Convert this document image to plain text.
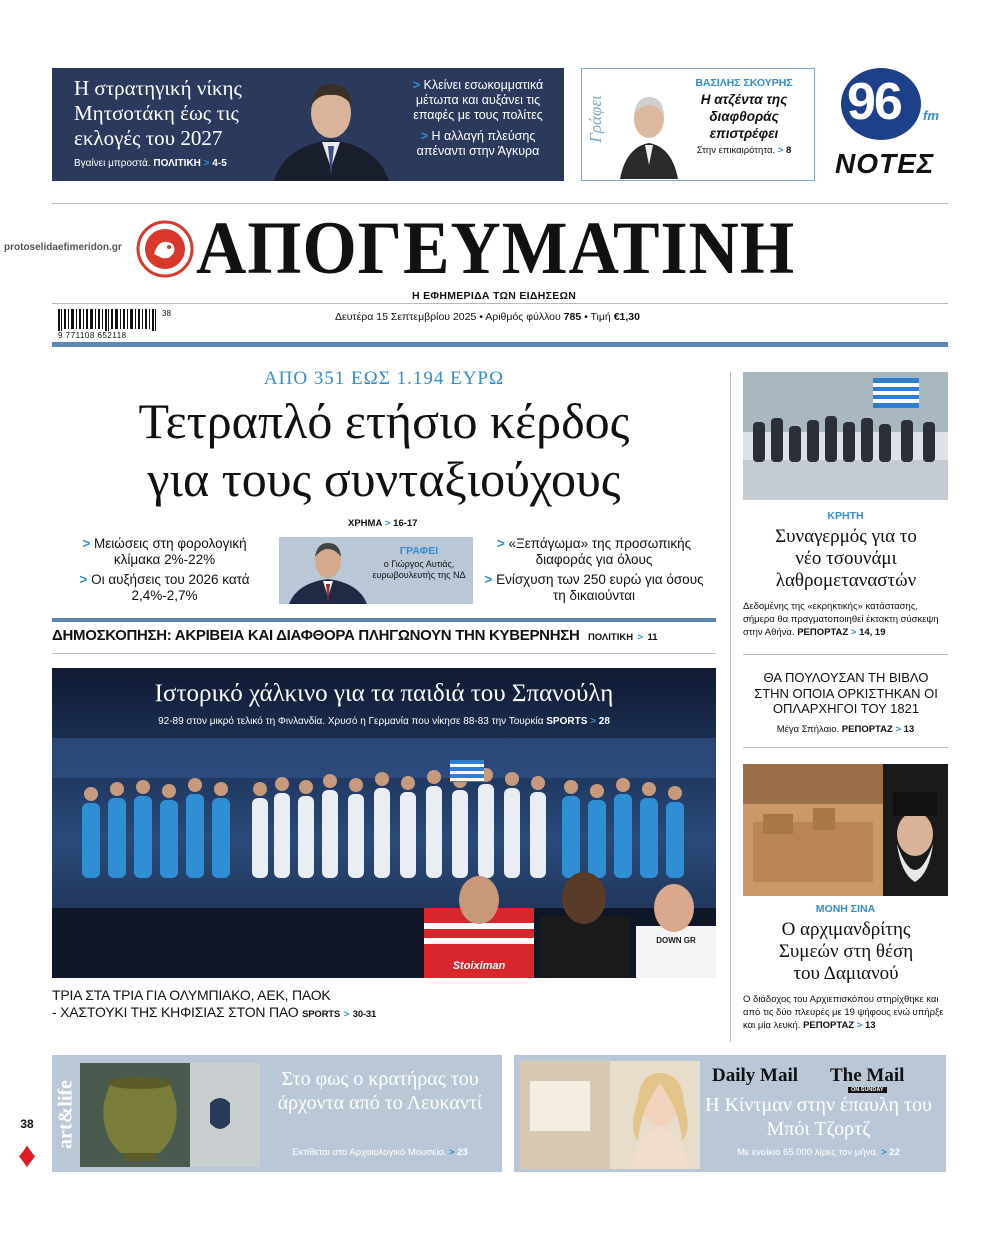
Η στρατηγική νίκης Μητσοτάκη έως τις εκλογές του 2027
Βγαίνει μπροστά. ΠΟΛΙΤΙΚΗ > 4-5
> Κλείνει εσωκομματικά μέτωπα και αυξάνει τις επαφές με τους πολίτες
> Η αλλαγή πλεύσης απέναντι στην Άγκυρα
Γράφει
ΒΑΣΙΛΗΣ ΣΚΟΥΡΗΣ
Η ατζέντα της διαφθοράς επιστρέφει
Στην επικαιρότητα. > 8
96 fm
ΝΟΤΕΣ
protoselidaefimeridon.gr ΑΠΟΓΕΥΜΑΤΙΝΗ
Η ΕΦΗΜΕΡΙΔΑ ΤΩΝ ΕΙΔΗΣΕΩΝ
38
9 771108 652118
Δευτέρα 15 Σεπτεμβρίου 2025 • Αριθμός φύλλου 785 • Τιμή €1,30
ΑΠΟ 351 ΕΩΣ 1.194 ΕΥΡΩ
Τετραπλό ετήσιο κέρδος
για τους συνταξιούχους
ΧΡΗΜΑ > 16-17
> Μειώσεις στη φορολογική κλίμακα 2%-22%
> Οι αυξήσεις του 2026 κατά 2,4%-2,7%
ΓΡΑΦΕΙ
ο Γιώργος Αυτιάς, ευρωβουλευτής της ΝΔ
> «Ξεπάγωμα» της προσωπικής διαφοράς για όλους
> Ενίσχυση των 250 ευρώ για όσους τη δικαιούνται
ΔΗΜΟΣΚΟΠΗΣΗ: ΑΚΡΙΒΕΙΑ ΚΑΙ ΔΙΑΦΘΟΡΑ ΠΛΗΓΩΝΟΥΝ ΤΗΝ ΚΥΒΕΡΝΗΣΗ ΠΟΛΙΤΙΚΗ > 11
Stoiximan
DOWN GR
Ιστορικό χάλκινο για τα παιδιά του Σπανούλη
92-89 στον μικρό τελικό τη Φινλανδία. Χρυσό η Γερμανία που νίκησε 88-83 την Τουρκία SPORTS > 28
ΤΡΙΑ ΣΤΑ ΤΡΙΑ ΓΙΑ ΟΛΥΜΠΙΑΚΟ, ΑΕΚ, ΠΑΟΚ
- ΧΑΣΤΟΥΚΙ ΤΗΣ ΚΗΦΙΣΙΑΣ ΣΤΟΝ ΠΑΟ SPORTS > 30-31
ΚΡΗΤΗ
Συναγερμός για το νέο τσουνάμι λαθρομεταναστών
Δεδομένης της «εκρηκτικής» κατάστασης, σήμερα θα πραγματοποιηθεί έκτακτη σύσκεψη στην Αθήνα. ΡΕΠΟΡΤΑΖ > 14, 19
ΘΑ ΠΟΥΛΟΥΣΑΝ ΤΗ ΒΙΒΛΟ ΣΤΗΝ ΟΠΟΙΑ ΟΡΚΙΣΤΗΚΑΝ ΟΙ ΟΠΛΑΡΧΗΓΟΙ ΤΟΥ 1821
Μέγα Σπήλαιο. ΡΕΠΟΡΤΑΖ > 13
ΜΟΝΗ ΣΙΝΑ
Ο αρχιμανδρίτης Συμεών στη θέση του Δαμιανού
Ο διάδοχος του Αρχιεπισκόπου στηρίχθηκε και από τις δύο πλευρές με 19 ψήφους ενώ υπήρξε και μία λευκή. ΡΕΠΟΡΤΑΖ > 13
art&life
Στο φως ο κρατήρας του άρχοντα από το Λευκαντί
Εκτίθεται στο Αρχαιολογικό Μουσείο. > 23
Daily Mail The Mail
ON SUNDAY
Η Κίντμαν στην έπαυλη του Μπόι Τζορτζ
Με ενοίκιο 65.000 λίρες τον μήνα. > 22
38
♦
